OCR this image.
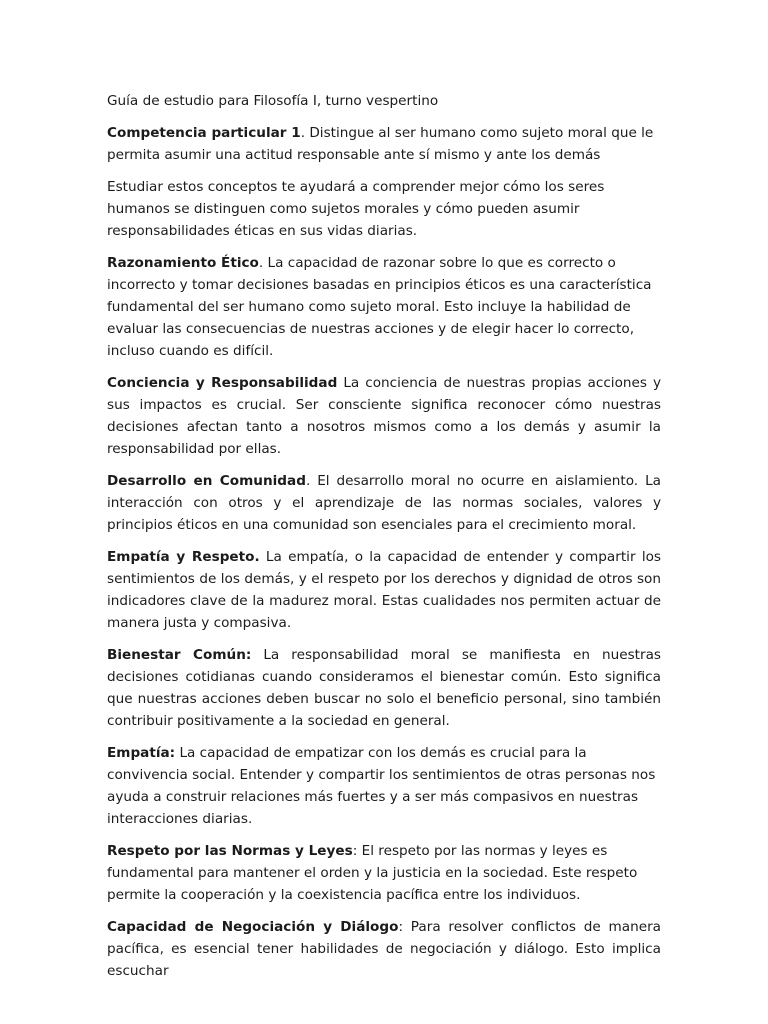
Guía de estudio para Filosofía I, turno vespertino

Competencia particular 1. Distingue al ser humano como sujeto moral que le permita asumir una actitud responsable ante sí mismo y ante los demás

Estudiar estos conceptos te ayudará a comprender mejor cómo los seres humanos se distinguen como sujetos morales y cómo pueden asumir responsabilidades éticas en sus vidas diarias.

Razonamiento Ético. La capacidad de razonar sobre lo que es correcto o incorrecto y tomar decisiones basadas en principios éticos es una característica fundamental del ser humano como sujeto moral. Esto incluye la habilidad de evaluar las consecuencias de nuestras acciones y de elegir hacer lo correcto, incluso cuando es difícil.

Conciencia y Responsabilidad La conciencia de nuestras propias acciones y sus impactos es crucial. Ser consciente significa reconocer cómo nuestras decisiones afectan tanto a nosotros mismos como a los demás y asumir la responsabilidad por ellas.

Desarrollo en Comunidad. El desarrollo moral no ocurre en aislamiento. La interacción con otros y el aprendizaje de las normas sociales, valores y principios éticos en una comunidad son esenciales para el crecimiento moral.

Empatía y Respeto. La empatía, o la capacidad de entender y compartir los sentimientos de los demás, y el respeto por los derechos y dignidad de otros son indicadores clave de la madurez moral. Estas cualidades nos permiten actuar de manera justa y compasiva.

Bienestar Común: La responsabilidad moral se manifiesta en nuestras decisiones cotidianas cuando consideramos el bienestar común. Esto significa que nuestras acciones deben buscar no solo el beneficio personal, sino también contribuir positivamente a la sociedad en general.

Empatía: La capacidad de empatizar con los demás es crucial para la convivencia social. Entender y compartir los sentimientos de otras personas nos ayuda a construir relaciones más fuertes y a ser más compasivos en nuestras interacciones diarias.

Respeto por las Normas y Leyes: El respeto por las normas y leyes es fundamental para mantener el orden y la justicia en la sociedad. Este respeto permite la cooperación y la coexistencia pacífica entre los individuos.

Capacidad de Negociación y Diálogo: Para resolver conflictos de manera pacífica, es esencial tener habilidades de negociación y diálogo. Esto implica escuchar
